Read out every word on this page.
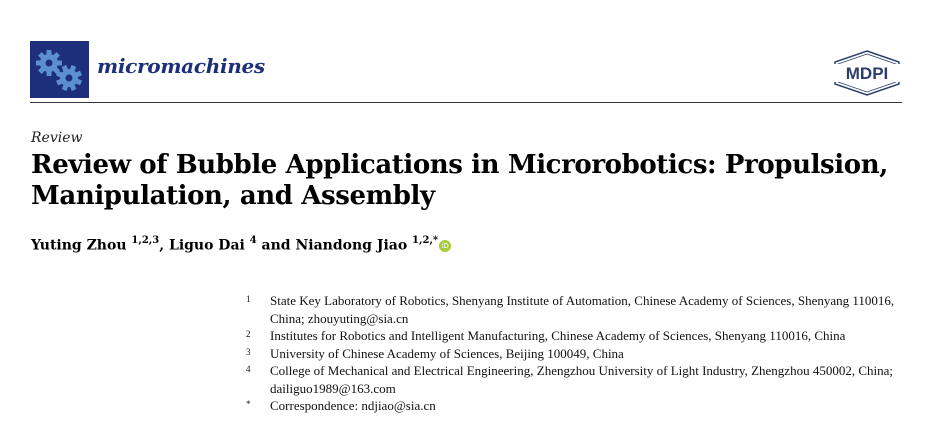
micromachines	MDPI
Review
Review of Bubble Applications in Microrobotics: Propulsion, Manipulation, and Assembly
Yuting Zhou $^{1,2,3}$, Liguo Dai $^4$ and Niandong Jiao $^{1,2,*}$ iD
1	State Key Laboratory of Robotics, Shenyang Institute of Automation, Chinese Academy of Sciences, Shenyang 110016, China; zhouyuting@sia.cn
2	Institutes for Robotics and Intelligent Manufacturing, Chinese Academy of Sciences, Shenyang 110016, China
3	University of Chinese Academy of Sciences, Beijing 100049, China
4	College of Mechanical and Electrical Engineering, Zhengzhou University of Light Industry, Zhengzhou 450002, China; dailiguo1989@163.com
*	Correspondence: ndjiao@sia.cn
